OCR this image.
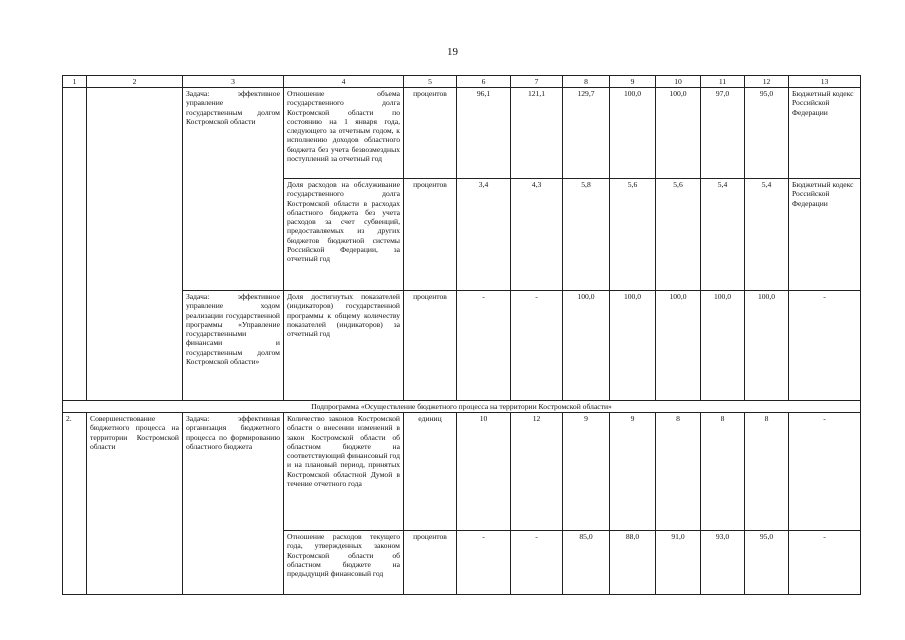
19
1	2	3	4	5	6	7	8	9	10	11	12	13
		Задача: эффективное управление государственным долгом Костромской области	Отношение объема государственного долга Костромской области по состоянию на 1 января года, следующего за отчетным годом, к исполнению доходов областного бюджета без учета безвозмездных поступлений за отчетный год	процентов	96,1	121,1	129,7	100,0	100,0	97,0	95,0	Бюджетный кодекс Российской Федерации
			Доля расходов на обслуживание государственного долга Костромской области в расходах областного бюджета без учета расходов за счет субвенций, предоставляемых из других бюджетов бюджетной системы Российской Федерации, за отчетный год	процентов	3,4	4,3	5,8	5,6	5,6	5,4	5,4	Бюджетный кодекс Российской Федерации
		Задача: эффективное управление ходом реализации государственной программы «Управление государственными финансами и государственным долгом Костромской области»	Доля достигнутых показателей (индикаторов) государственной программы к общему количеству показателей (индикаторов) за отчетный год	процентов	-	-	100,0	100,0	100,0	100,0	100,0	-
Подпрограмма «Осуществление бюджетного процесса на территории Костромской области»												
2.	Совершенствование бюджетного процесса на территории Костромской области	Задача: эффективная организация бюджетного процесса по формированию областного бюджета	Количество законов Костромской области о внесении изменений в закон Костромской области об областном бюджете на соответствующий финансовый год и на плановый период, принятых Костромской областной Думой в течение отчетного года	единиц	10	12	9	9	8	8	8	-
			Отношение расходов текущего года, утвержденных законом Костромской области об областном бюджете на предыдущий финансовый год	процентов	-	-	85,0	88,0	91,0	93,0	95,0	-
